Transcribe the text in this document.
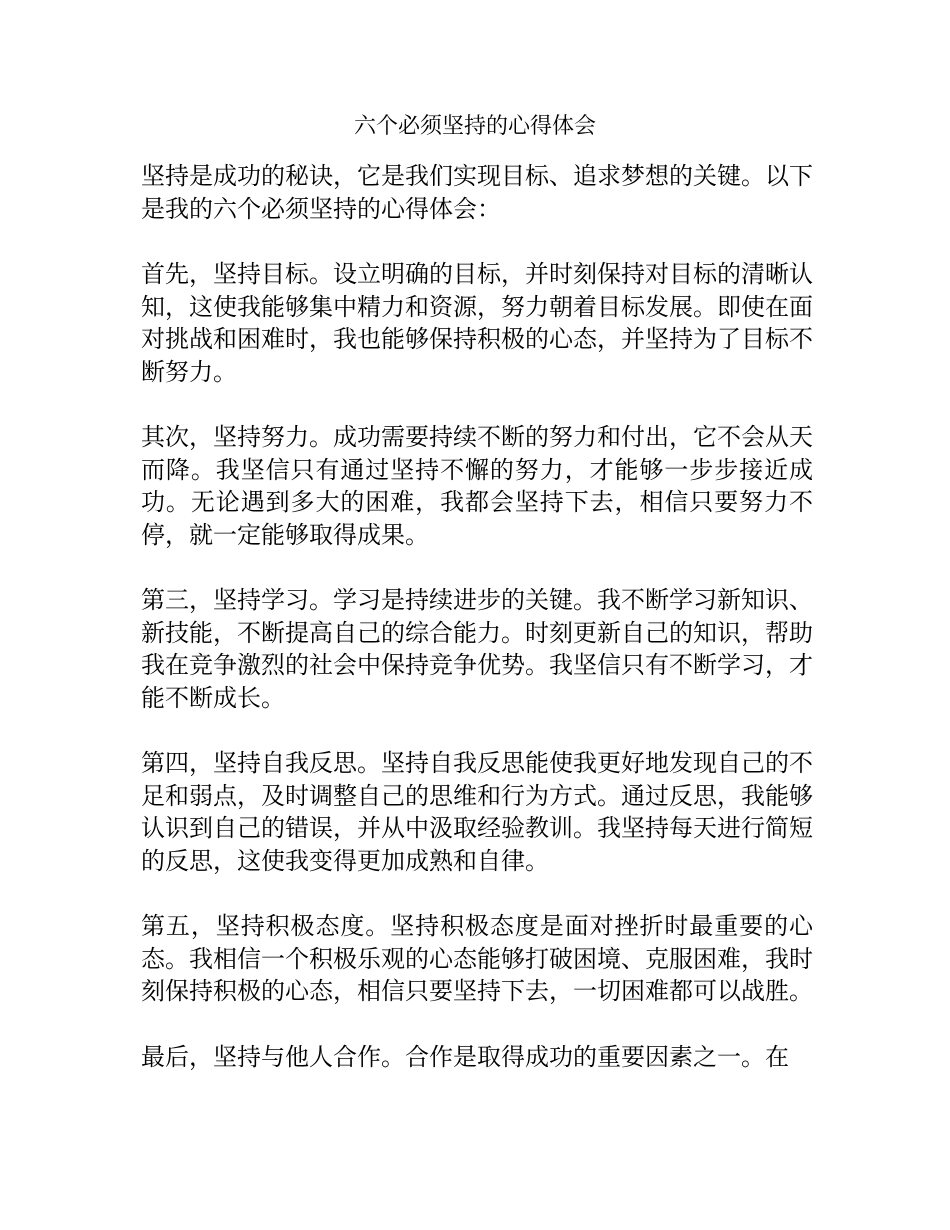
六个必须坚持的心得体会

坚持是成功的秘诀，它是我们实现目标、追求梦想的关键。以下是我的六个必须坚持的心得体会：

首先，坚持目标。设立明确的目标，并时刻保持对目标的清晰认知，这使我能够集中精力和资源，努力朝着目标发展。即使在面对挑战和困难时，我也能够保持积极的心态，并坚持为了目标不断努力。

其次，坚持努力。成功需要持续不断的努力和付出，它不会从天而降。我坚信只有通过坚持不懈的努力，才能够一步步接近成功。无论遇到多大的困难，我都会坚持下去，相信只要努力不停，就一定能够取得成果。

第三，坚持学习。学习是持续进步的关键。我不断学习新知识、新技能，不断提高自己的综合能力。时刻更新自己的知识，帮助我在竞争激烈的社会中保持竞争优势。我坚信只有不断学习，才能不断成长。

第四，坚持自我反思。坚持自我反思能使我更好地发现自己的不足和弱点，及时调整自己的思维和行为方式。通过反思，我能够认识到自己的错误，并从中汲取经验教训。我坚持每天进行简短的反思，这使我变得更加成熟和自律。

第五，坚持积极态度。坚持积极态度是面对挫折时最重要的心态。我相信一个积极乐观的心态能够打破困境、克服困难，我时刻保持积极的心态，相信只要坚持下去，一切困难都可以战胜。

最后，坚持与他人合作。合作是取得成功的重要因素之一。在
